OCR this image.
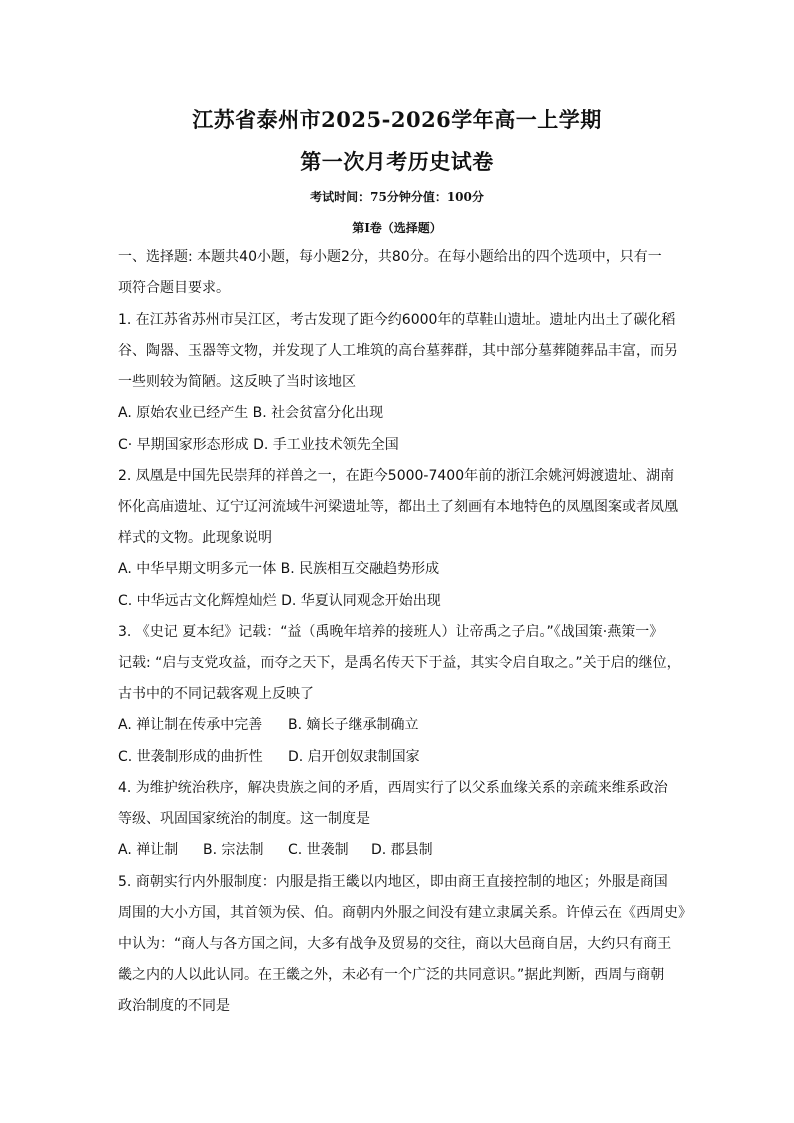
江苏省泰州市2025-2026学年高一上学期
第一次月考历史试卷
考试时间：75分钟分值：100分
第Ⅰ卷（选择题）
一、选择题: 本题共40小题，每小题2分，共80分。在每小题给出的四个选项中，只有一
项符合题目要求。
1. 在江苏省苏州市吴江区，考古发现了距今约6000年的草鞋山遗址。遗址内出土了碳化稻
谷、陶器、玉器等文物，并发现了人工堆筑的高台墓葬群，其中部分墓葬随葬品丰富，而另
一些则较为简陋。这反映了当时该地区
A. 原始农业已经产生 B. 社会贫富分化出现
C· 早期国家形态形成 D. 手工业技术领先全国
2. 凤凰是中国先民崇拜的祥兽之一，在距今5000-7400年前的浙江余姚河姆渡遗址、湖南
怀化高庙遗址、辽宁辽河流域牛河梁遗址等，都出土了刻画有本地特色的凤凰图案或者凤凰
样式的文物。此现象说明
A. 中华早期文明多元一体 B. 民族相互交融趋势形成
C. 中华远古文化辉煌灿烂 D. 华夏认同观念开始出现
3. 《史记 夏本纪》记载：“益（禹晚年培养的接班人）让帝禹之子启。”《战国策·燕策一》
记载: “启与支党攻益，而夺之天下，是禹名传天下于益，其实令启自取之。”关于启的继位，
古书中的不同记载客观上反映了
A. 禅让制在传承中完善 B. 嫡长子继承制确立
C. 世袭制形成的曲折性 D. 启开创奴隶制国家
4. 为维护统治秩序，解决贵族之间的矛盾，西周实行了以父系血缘关系的亲疏来维系政治
等级、巩固国家统治的制度。这一制度是
A. 禅让制 B. 宗法制 C. 世袭制 D. 郡县制
5. 商朝实行内外服制度：内服是指王畿以内地区，即由商王直接控制的地区；外服是商国
周围的大小方国，其首领为侯、伯。商朝内外服之间没有建立隶属关系。许倬云在《西周史》
中认为：“商人与各方国之间，大多有战争及贸易的交往，商以大邑商自居，大约只有商王
畿之内的人以此认同。在王畿之外，未必有一个广泛的共同意识。”据此判断，西周与商朝
政治制度的不同是
